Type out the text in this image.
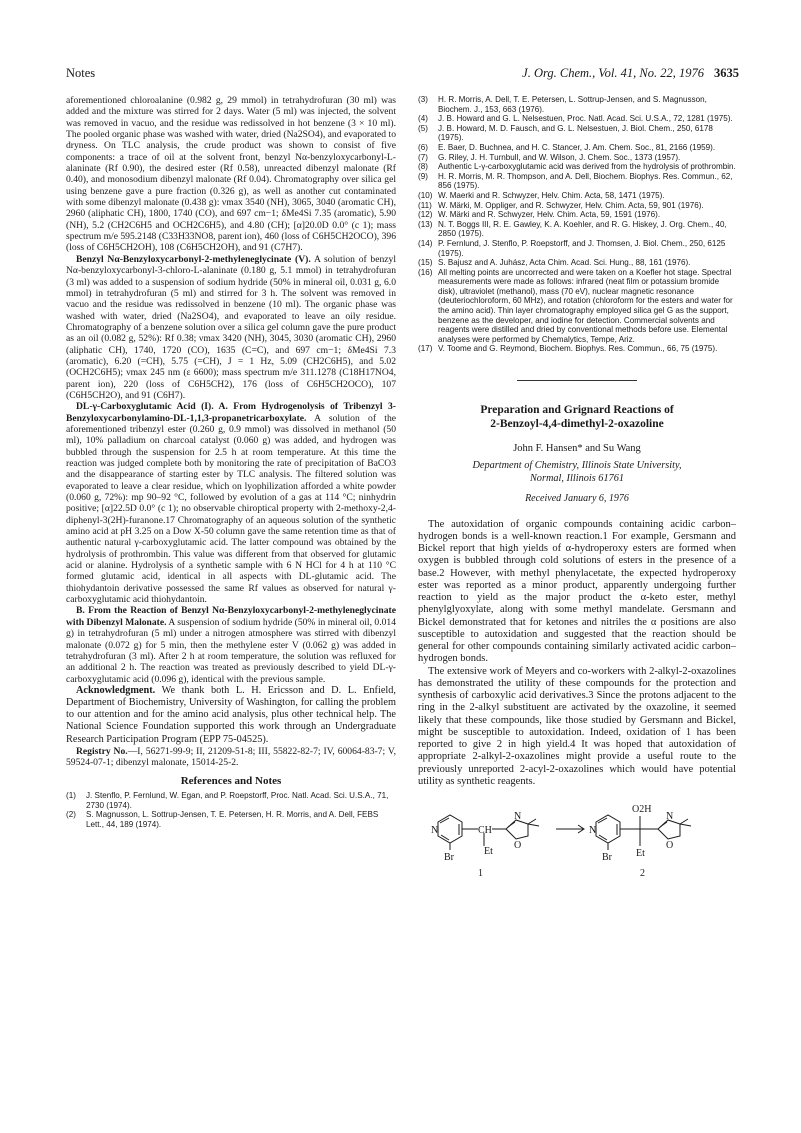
Notes	J. Org. Chem., Vol. 41, No. 22, 1976 3635

aforementioned chloroalanine (0.982 g, 29 mmol) in tetrahydrofuran (30 ml) was added and the mixture was stirred for 2 days. Water (5 ml) was injected, the solvent was removed in vacuo, and the residue was redissolved in hot benzene (3 × 10 ml). The pooled organic phase was washed with water, dried (Na2SO4), and evaporated to dryness. On TLC analysis, the crude product was shown to consist of five components: a trace of oil at the solvent front, benzyl Nα-benzyloxycarbonyl-L-alaninate (Rf 0.90), the desired ester (Rf 0.58), unreacted dibenzyl malonate (Rf 0.40), and monosodium dibenzyl malonate (Rf 0.04). Chromatography over silica gel using benzene gave a pure fraction (0.326 g), as well as another cut contaminated with some dibenzyl malonate (0.438 g): νmax 3540 (NH), 3065, 3040 (aromatic CH), 2960 (aliphatic CH), 1800, 1740 (CO), and 697 cm−1; δMe4Si 7.35 (aromatic), 5.90 (NH), 5.2 (CH2C6H5 and OCH2C6H5), and 4.80 (CH); [α]20.0D 0.0° (c 1); mass spectrum m/e 595.2148 (C33H33NO8, parent ion), 460 (loss of C6H5CH2OCO), 396 (loss of C6H5CH2OH), 108 (C6H5CH2OH), and 91 (C7H7).

Benzyl Nα-Benzyloxycarbonyl-2-methyleneglycinate (V). A solution of benzyl Nα-benzyloxycarbonyl-3-chloro-L-alaninate (0.180 g, 5.1 mmol) in tetrahydrofuran (3 ml) was added to a suspension of sodium hydride (50% in mineral oil, 0.031 g, 6.0 mmol) in tetrahydrofuran (5 ml) and stirred for 3 h. The solvent was removed in vacuo and the residue was redissolved in benzene (10 ml). The organic phase was washed with water, dried (Na2SO4), and evaporated to leave an oily residue. Chromatography of a benzene solution over a silica gel column gave the pure product as an oil (0.082 g, 52%): Rf 0.38; νmax 3420 (NH), 3045, 3030 (aromatic CH), 2960 (aliphatic CH), 1740, 1720 (CO), 1635 (C=C), and 697 cm−1; δMe4Si 7.3 (aromatic), 6.20 (=CH), 5.75 (=CH), J = 1 Hz, 5.09 (CH2C6H5), and 5.02 (OCH2C6H5); νmax 245 nm (ε 6600); mass spectrum m/e 311.1278 (C18H17NO4, parent ion), 220 (loss of C6H5CH2), 176 (loss of C6H5CH2OCO), 107 (C6H5CH2O), and 91 (C6H7).

DL-γ-Carboxyglutamic Acid (I). A. From Hydrogenolysis of Tribenzyl 3-Benzyloxycarbonylamino-DL-1,1,3-propanetricarboxylate. A solution of the aforementioned tribenzyl ester (0.260 g, 0.9 mmol) was dissolved in methanol (50 ml), 10% palladium on charcoal catalyst (0.060 g) was added, and hydrogen was bubbled through the suspension for 2.5 h at room temperature. At this time the reaction was judged complete both by monitoring the rate of precipitation of BaCO3 and the disappearance of starting ester by TLC analysis. The filtered solution was evaporated to leave a clear residue, which on lyophilization afforded a white powder (0.060 g, 72%): mp 90–92 °C, followed by evolution of a gas at 114 °C; ninhydrin positive; [α]22.5D 0.0° (c 1); no observable chiroptical property with 2-methoxy-2,4-diphenyl-3(2H)-furanone.17 Chromatography of an aqueous solution of the synthetic amino acid at pH 3.25 on a Dow X-50 column gave the same retention time as that of authentic natural γ-carboxyglutamic acid. The latter compound was obtained by the hydrolysis of prothrombin. This value was different from that observed for glutamic acid or alanine. Hydrolysis of a synthetic sample with 6 N HCl for 4 h at 110 °C formed glutamic acid, identical in all aspects with DL-glutamic acid. The thiohydantoin derivative possessed the same Rf values as observed for natural γ-carboxyglutamic acid thiohydantoin.

B. From the Reaction of Benzyl Nα-Benzyloxycarbonyl-2-methyleneglycinate with Dibenzyl Malonate. A suspension of sodium hydride (50% in mineral oil, 0.014 g) in tetrahydrofuran (5 ml) under a nitrogen atmosphere was stirred with dibenzyl malonate (0.072 g) for 5 min, then the methylene ester V (0.062 g) was added in tetrahydrofuran (3 ml). After 2 h at room temperature, the solution was refluxed for an additional 2 h. The reaction was treated as previously described to yield DL-γ-carboxyglutamic acid (0.096 g), identical with the previous sample.

Acknowledgment. We thank both L. H. Ericsson and D. L. Enfield, Department of Biochemistry, University of Washington, for calling the problem to our attention and for the amino acid analysis, plus other technical help. The National Science Foundation supported this work through an Undergraduate Research Participation Program (EPP 75-04525).

Registry No.—I, 56271-99-9; II, 21209-51-8; III, 55822-82-7; IV, 60064-83-7; V, 59524-07-1; dibenzyl malonate, 15014-25-2.

References and Notes
(1)	J. Stenflo, P. Fernlund, W. Egan, and P. Roepstorff, Proc. Natl. Acad. Sci. U.S.A., 71, 2730 (1974).
(2)	S. Magnusson, L. Sottrup-Jensen, T. E. Petersen, H. R. Morris, and A. Dell, FEBS Lett., 44, 189 (1974).
(3)	H. R. Morris, A. Dell, T. E. Petersen, L. Sottrup-Jensen, and S. Magnusson, Biochem. J., 153, 663 (1976).
(4)	J. B. Howard and G. L. Nelsestuen, Proc. Natl. Acad. Sci. U.S.A., 72, 1281 (1975).
(5)	J. B. Howard, M. D. Fausch, and G. L. Nelsestuen, J. Biol. Chem., 250, 6178 (1975).
(6)	E. Baer, D. Buchnea, and H. C. Stancer, J. Am. Chem. Soc., 81, 2166 (1959).
(7)	G. Riley, J. H. Turnbull, and W. Wilson, J. Chem. Soc., 1373 (1957).
(8)	Authentic L-γ-carboxyglutamic acid was derived from the hydrolysis of prothrombin.
(9)	H. R. Morris, M. R. Thompson, and A. Dell, Biochem. Biophys. Res. Commun., 62, 856 (1975).
(10) W. Maerki and R. Schwyzer, Helv. Chim. Acta, 58, 1471 (1975).
(11) W. Märki, M. Oppliger, and R. Schwyzer, Helv. Chim. Acta, 59, 901 (1976).
(12) W. Märki and R. Schwyzer, Helv. Chim. Acta, 59, 1591 (1976).
(13) N. T. Boggs III, R. E. Gawley, K. A. Koehler, and R. G. Hiskey, J. Org. Chem., 40, 2850 (1975).
(14) P. Fernlund, J. Stenflo, P. Roepstorff, and J. Thomsen, J. Biol. Chem., 250, 6125 (1975).
(15) S. Bajusz and A. Juhász, Acta Chim. Acad. Sci. Hung., 88, 161 (1976).
(16) All melting points are uncorrected and were taken on a Koefler hot stage. Spectral measurements were made as follows: infrared (neat film or potassium bromide disk), ultraviolet (methanol), mass (70 eV), nuclear magnetic resonance (deuteriochloroform, 60 MHz), and rotation (chloroform for the esters and water for the amino acid). Thin layer chromatography employed silica gel G as the support, benzene as the developer, and iodine for detection. Commercial solvents and reagents were distilled and dried by conventional methods before use. Elemental analyses were performed by Chemalytics, Tempe, Ariz.
(17) V. Toome and G. Reymond, Biochem. Biophys. Res. Commun., 66, 75 (1975).
Preparation and Grignard Reactions of
2-Benzoyl-4,4-dimethyl-2-oxazoline
John F. Hansen* and Su Wang
Department of Chemistry, Illinois State University,
Normal, Illinois 61761
Received January 6, 1976

The autoxidation of organic compounds containing acidic carbon–hydrogen bonds is a well-known reaction.1 For example, Gersmann and Bickel report that high yields of α-hydroperoxy esters are formed when oxygen is bubbled through cold solutions of esters in the presence of a base.2 However, with methyl phenylacetate, the expected hydroperoxy ester was reported as a minor product, apparently undergoing further reaction to yield as the major product the α-keto ester, methyl phenylglyoxylate, along with some methyl mandelate. Gersmann and Bickel demonstrated that for ketones and nitriles the α positions are also susceptible to autoxidation and suggested that the reaction should be general for other compounds containing similarly activated acidic carbon–hydrogen bonds.

The extensive work of Meyers and co-workers with 2-alkyl-2-oxazolines has demonstrated the utility of these compounds for the protection and synthesis of carboxylic acid derivatives.3 Since the protons adjacent to the ring in the 2-alkyl substituent are activated by the oxazoline, it seemed likely that these compounds, like those studied by Gersmann and Bickel, might be susceptible to autoxidation. Indeed, oxidation of 1 has been reported to give 2 in high yield.4 It was hoped that autoxidation of appropriate 2-alkyl-2-oxazolines might provide a useful route to the previously unreported 2-acyl-2-oxazolines which would have potential utility as synthetic reagents.

N	CH
N
O
Br
Et
N
O2H
N
O
Br Et
1	2
